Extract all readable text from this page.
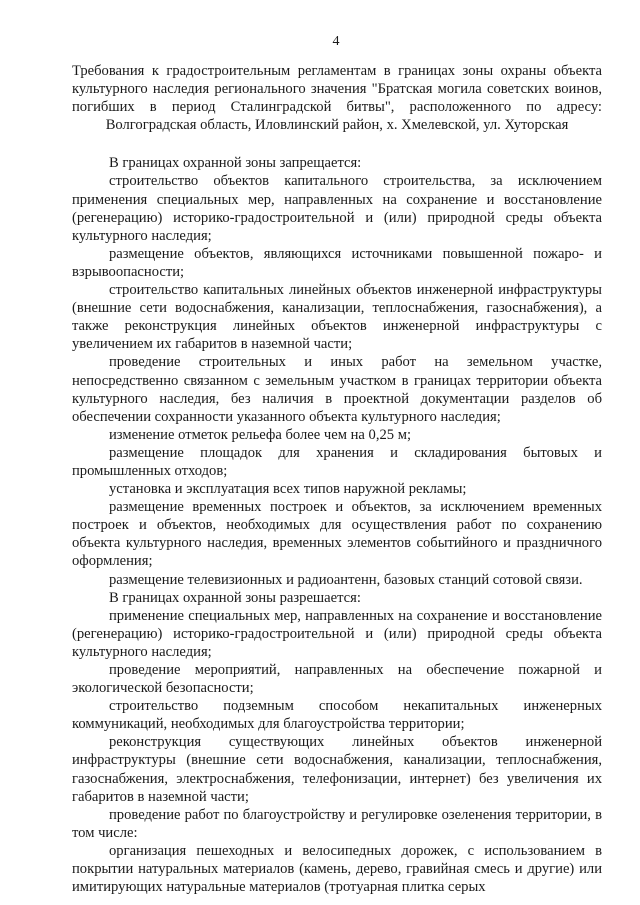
4

Требования к градостроительным регламентам в границах зоны охраны объекта культурного наследия регионального значения "Братская могила советских воинов, погибших в период Сталинградской битвы", расположенного по адресу: Волгоградская область, Иловлинский район, х. Хмелевской, ул. Хуторская

В границах охранной зоны запрещается:

строительство объектов капитального строительства, за исключением применения специальных мер, направленных на сохранение и восстановление (регенерацию) историко-градостроительной и (или) природной среды объекта культурного наследия;

размещение объектов, являющихся источниками повышенной пожаро- и взрывоопасности;

строительство капитальных линейных объектов инженерной инфраструктуры (внешние сети водоснабжения, канализации, теплоснабжения, газоснабжения), а также реконструкция линейных объектов инженерной инфраструктуры с увеличением их габаритов в наземной части;

проведение строительных и иных работ на земельном участке, непосредственно связанном с земельным участком в границах территории объекта культурного наследия, без наличия в проектной документации разделов об обеспечении сохранности указанного объекта культурного наследия;

изменение отметок рельефа более чем на 0,25 м;

размещение площадок для хранения и складирования бытовых и промышленных отходов;

установка и эксплуатация всех типов наружной рекламы;

размещение временных построек и объектов, за исключением временных построек и объектов, необходимых для осуществления работ по сохранению объекта культурного наследия, временных элементов событийного и праздничного оформления;

размещение телевизионных и радиоантенн, базовых станций сотовой связи.

В границах охранной зоны разрешается:

применение специальных мер, направленных на сохранение и восстановление (регенерацию) историко-градостроительной и (или) природной среды объекта культурного наследия;

проведение мероприятий, направленных на обеспечение пожарной и экологической безопасности;

строительство подземным способом некапитальных инженерных коммуникаций, необходимых для благоустройства территории;

реконструкция существующих линейных объектов инженерной инфраструктуры (внешние сети водоснабжения, канализации, теплоснабжения, газоснабжения, электроснабжения, телефонизации, интернет) без увеличения их габаритов в наземной части;

проведение работ по благоустройству и регулировке озеленения территории, в том числе:

организация пешеходных и велосипедных дорожек, с использованием в покрытии натуральных материалов (камень, дерево, гравийная смесь и другие) или имитирующих натуральные материалов (тротуарная плитка серых
